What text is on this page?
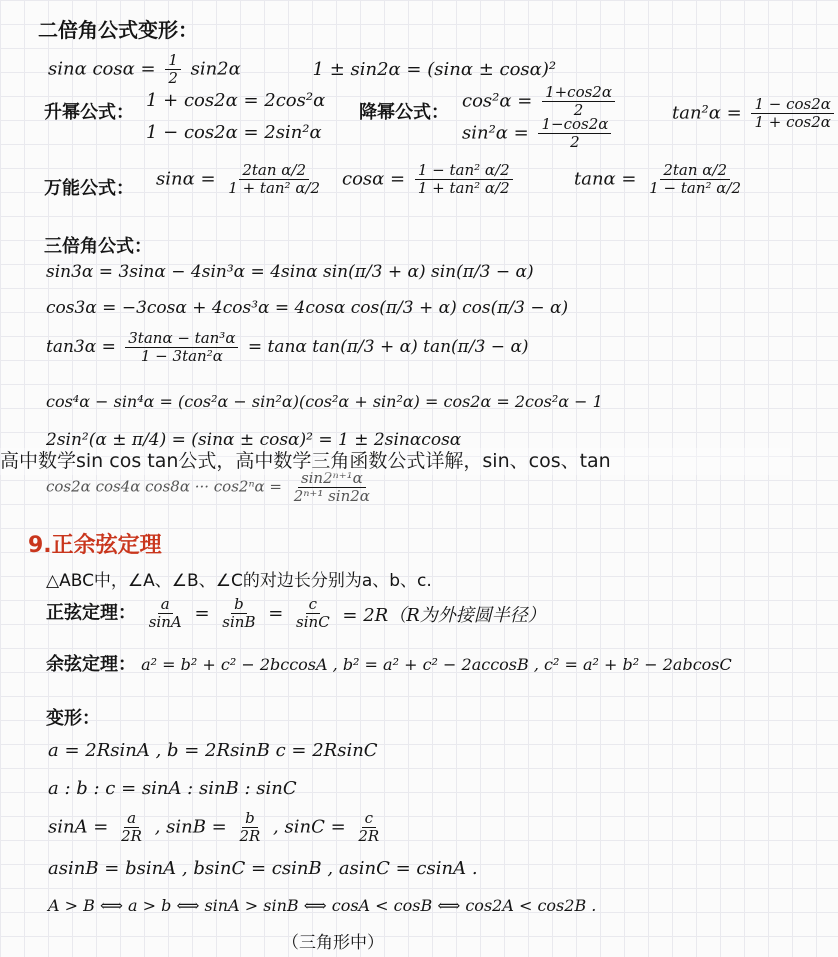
二倍角公式变形：
sinα $\cos\alpha = \frac{1}{2} \sin 2\alpha$	1 ± sin2α = (sinα ± cosα)²
升幂公式：
1 + cos2α = 2cos²α
1 − cos2α = 2sin²α
降幂公式：
$\cos^2\alpha = \frac{1+\cos 2\alpha}{2}$
$\sin^2\alpha = \frac{1-\cos 2\alpha}{2}$
$\tan^2\alpha = \frac{1 - \cos 2\alpha}{1 + \cos 2\alpha}$
万能公式： $\sin\alpha = \frac{\text{2tan α/2}}{\text{1 + tan² α/2}}$ $\cos\alpha = \frac{\text{1 − tan² α/2}}{\text{1 + tan² α/2}}$	$\tan\alpha = \frac{\text{2tan α/2}}{\text{1 − tan² α/2}}$
三倍角公式：
sin3α = 3sinα − 4sin³α = 4sinα sin(π/3 + α) sin(π/3 − α)
cos3α = −3cosα + 4cos³α = 4cosα cos(π/3 + α) cos(π/3 − α)
$\tan 3\alpha = \frac{\text{3tanα − tan³α}}{\text{1 − 3tan²α}} = \tan\alpha$ tan(π/3 + α) tan(π/3 − α)
cos⁴α − sin⁴α = (cos²α − sin²α)(cos²α + sin²α) = cos2α = 2cos²α − 1
2sin²(α ± π/4) = (sinα ± cosα)² = 1 ± 2sinαcosα
cos2α cos4α cos8α ··· $\cos 2^n\alpha = \frac{\text{sin2ⁿ⁺¹α}}{\text{2ⁿ⁺¹ sin2α}}$
高中数学sin cos tan公式，高中数学三角函数公式详解，sin、cos、tan
9.正余弦定理
△ABC中，∠A、∠B、∠C的对边长分别为a、b、c.
正弦定理： $\frac{a}{\sin A} = \frac{b}{\sin B} = \frac{c}{\sin C} = 2R(R$为外接圆半径）
余弦定理： a² = b² + c² − 2bccosA , b² = a² + c² − 2accosB , c² = a² + b² − 2abcosC
变形：
a = 2RsinA , b = 2RsinB c = 2RsinC
a : b : c = sinA : sinB : sinC
$\sin A = \frac{a}{2R}$ , $\sin B = \frac{b}{2R}$ , $\sin C = \frac{c}{2R}$
asinB = bsinA , bsinC = csinB , asinC = csinA .
A > B ⟺ a > b ⟺ sinA > sinB ⟺ cosA < cosB ⟺ cos2A < cos2B .
（三角形中）
